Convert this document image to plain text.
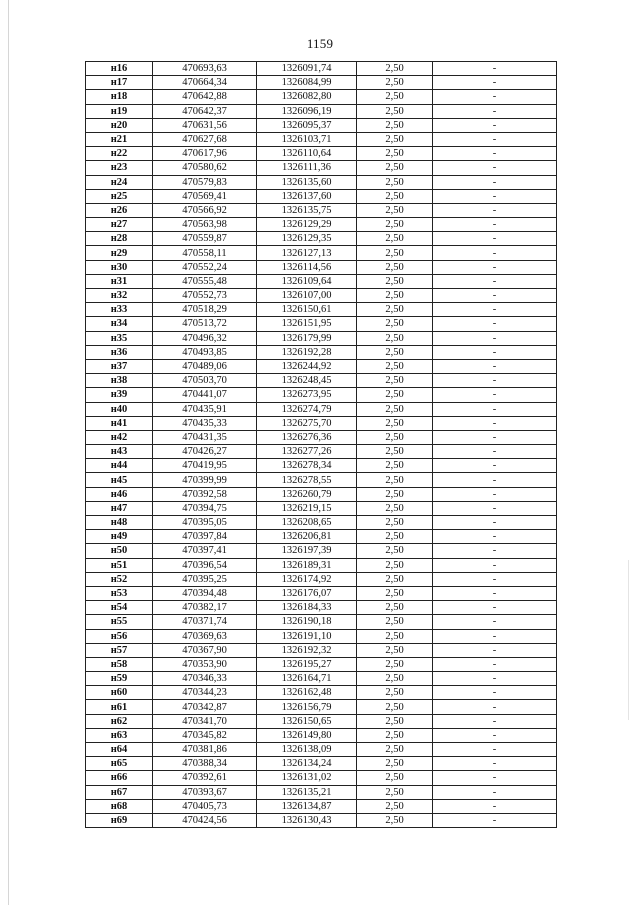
1159
н16	470693,63	1326091,74	2,50	-
н17	470664,34	1326084,99	2,50	-
н18	470642,88	1326082,80	2,50	-
н19	470642,37	1326096,19	2,50	-
н20	470631,56	1326095,37	2,50	-
н21	470627,68	1326103,71	2,50	-
н22	470617,96	1326110,64	2,50	-
н23	470580,62	1326111,36	2,50	-
н24	470579,83	1326135,60	2,50	-
н25	470569,41	1326137,60	2,50	-
н26	470566,92	1326135,75	2,50	-
н27	470563,98	1326129,29	2,50	-
н28	470559,87	1326129,35	2,50	-
н29	470558,11	1326127,13	2,50	-
н30	470552,24	1326114,56	2,50	-
н31	470555,48	1326109,64	2,50	-
н32	470552,73	1326107,00	2,50	-
н33	470518,29	1326150,61	2,50	-
н34	470513,72	1326151,95	2,50	-
н35	470496,32	1326179,99	2,50	-
н36	470493,85	1326192,28	2,50	-
н37	470489,06	1326244,92	2,50	-
н38	470503,70	1326248,45	2,50	-
н39	470441,07	1326273,95	2,50	-
н40	470435,91	1326274,79	2,50	-
н41	470435,33	1326275,70	2,50	-
н42	470431,35	1326276,36	2,50	-
н43	470426,27	1326277,26	2,50	-
н44	470419,95	1326278,34	2,50	-
н45	470399,99	1326278,55	2,50	-
н46	470392,58	1326260,79	2,50	-
н47	470394,75	1326219,15	2,50	-
н48	470395,05	1326208,65	2,50	-
н49	470397,84	1326206,81	2,50	-
н50	470397,41	1326197,39	2,50	-
н51	470396,54	1326189,31	2,50	-
н52	470395,25	1326174,92	2,50	-
н53	470394,48	1326176,07	2,50	-
н54	470382,17	1326184,33	2,50	-
н55	470371,74	1326190,18	2,50	-
н56	470369,63	1326191,10	2,50	-
н57	470367,90	1326192,32	2,50	-
н58	470353,90	1326195,27	2,50	-
н59	470346,33	1326164,71	2,50	-
н60	470344,23	1326162,48	2,50	-
н61	470342,87	1326156,79	2,50	-
н62	470341,70	1326150,65	2,50	-
н63	470345,82	1326149,80	2,50	-
н64	470381,86	1326138,09	2,50	-
н65	470388,34	1326134,24	2,50	-
н66	470392,61	1326131,02	2,50	-
н67	470393,67	1326135,21	2,50	-
н68	470405,73	1326134,87	2,50	-
н69	470424,56	1326130,43	2,50	-
